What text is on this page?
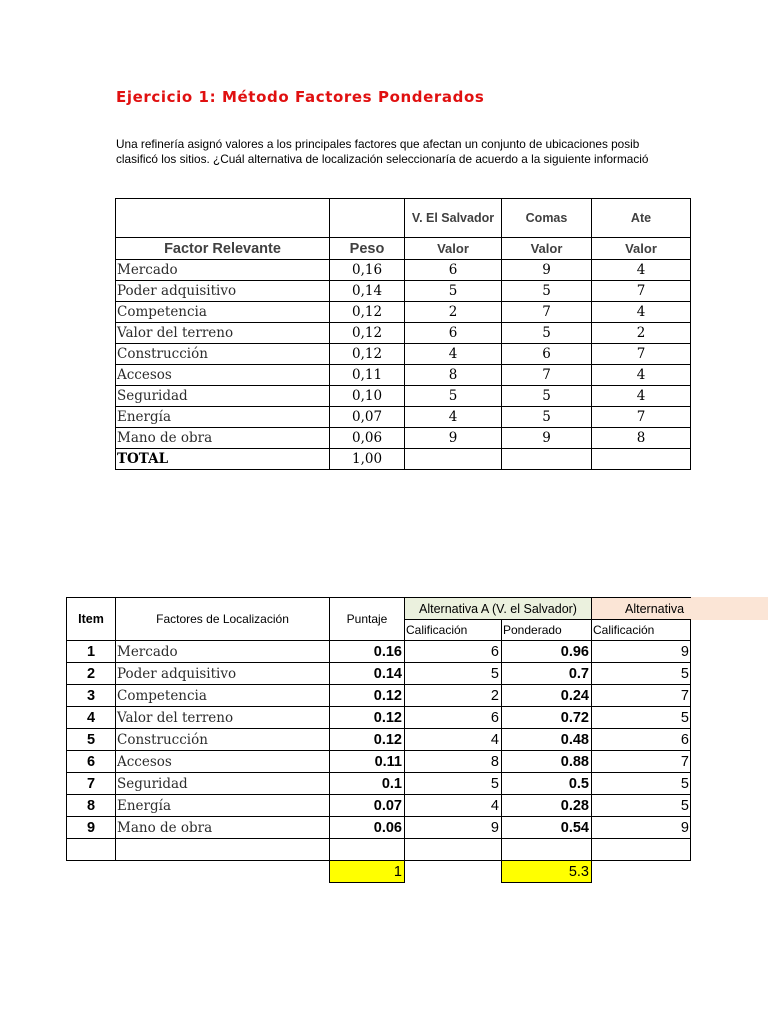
Ejercicio 1: Método Factores Ponderados
Una refinería asignó valores a los principales factores que afectan un conjunto de ubicaciones posib
clasificó los sitios. ¿Cuál alternativa de localización seleccionaría de acuerdo a la siguiente informació
		V. El Salvador	Comas	Ate
Factor Relevante	Peso	Valor	Valor	Valor
Mercado	0,16	6	9	4
Poder adquisitivo	0,14	5	5	7
Competencia	0,12	2	7	4
Valor del terreno	0,12	6	5	2
Construcción	0,12	4	6	7
Accesos	0,11	8	7	4
Seguridad	0,10	5	5	4
Energía	0,07	4	5	7
Mano de obra	0,06	9	9	8
TOTAL	1,00			
Item	Factores de Localización	Puntaje	Alternativa A (V. el Salvador)		Alternativa
			Calificación	Ponderado	Calificación
1	Mercado	0.16	6	0.96	9
2	Poder adquisitivo	0.14	5	0.7	5
3	Competencia	0.12	2	0.24	7
4	Valor del terreno	0.12	6	0.72	5
5	Construcción	0.12	4	0.48	6
6	Accesos	0.11	8	0.88	7
7	Seguridad	0.1	5	0.5	5
8	Energía	0.07	4	0.28	5
9	Mano de obra	0.06	9	0.54	9

		1		5.3	
